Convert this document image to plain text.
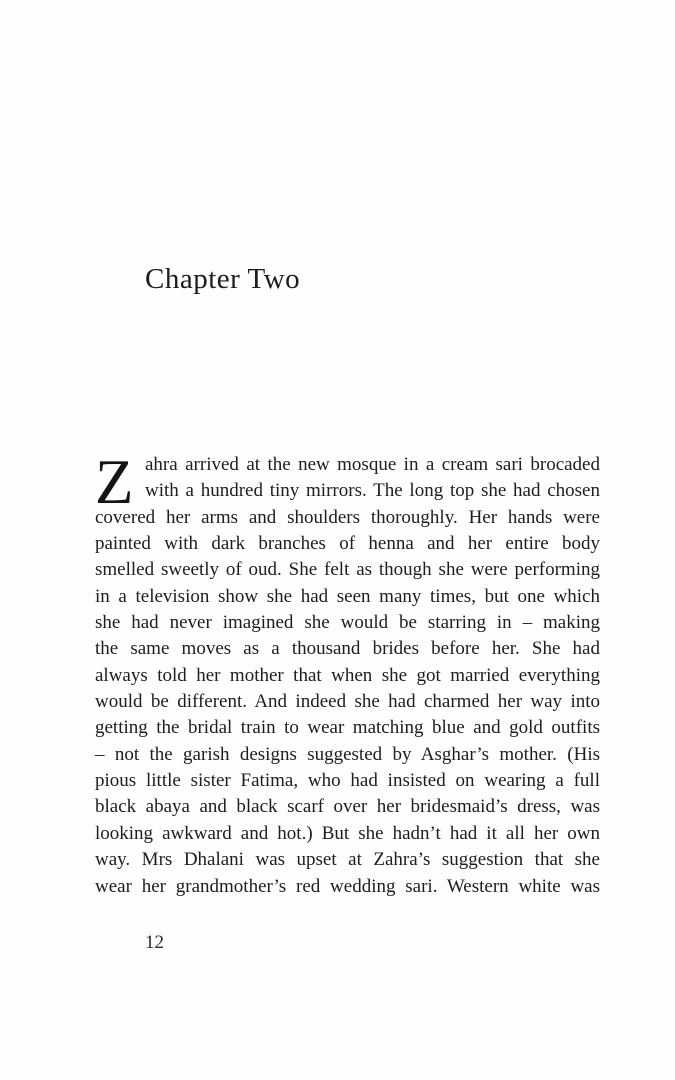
Chapter Two
Z ahra arrived at the new mosque in a cream sari brocaded
with a hundred tiny mirrors. The long top she had chosen
covered her arms and shoulders thoroughly. Her hands were
painted with dark branches of henna and her entire body
smelled sweetly of oud. She felt as though she were performing
in a television show she had seen many times, but one which
she had never imagined she would be starring in – making
the same moves as a thousand brides before her. She had
always told her mother that when she got married everything
would be different. And indeed she had charmed her way into
getting the bridal train to wear matching blue and gold outfits
– not the garish designs suggested by Asghar’s mother. (His
pious little sister Fatima, who had insisted on wearing a full
black abaya and black scarf over her bridesmaid’s dress, was
looking awkward and hot.) But she hadn’t had it all her own
way. Mrs Dhalani was upset at Zahra’s suggestion that she
wear her grandmother’s red wedding sari. Western white was
12
